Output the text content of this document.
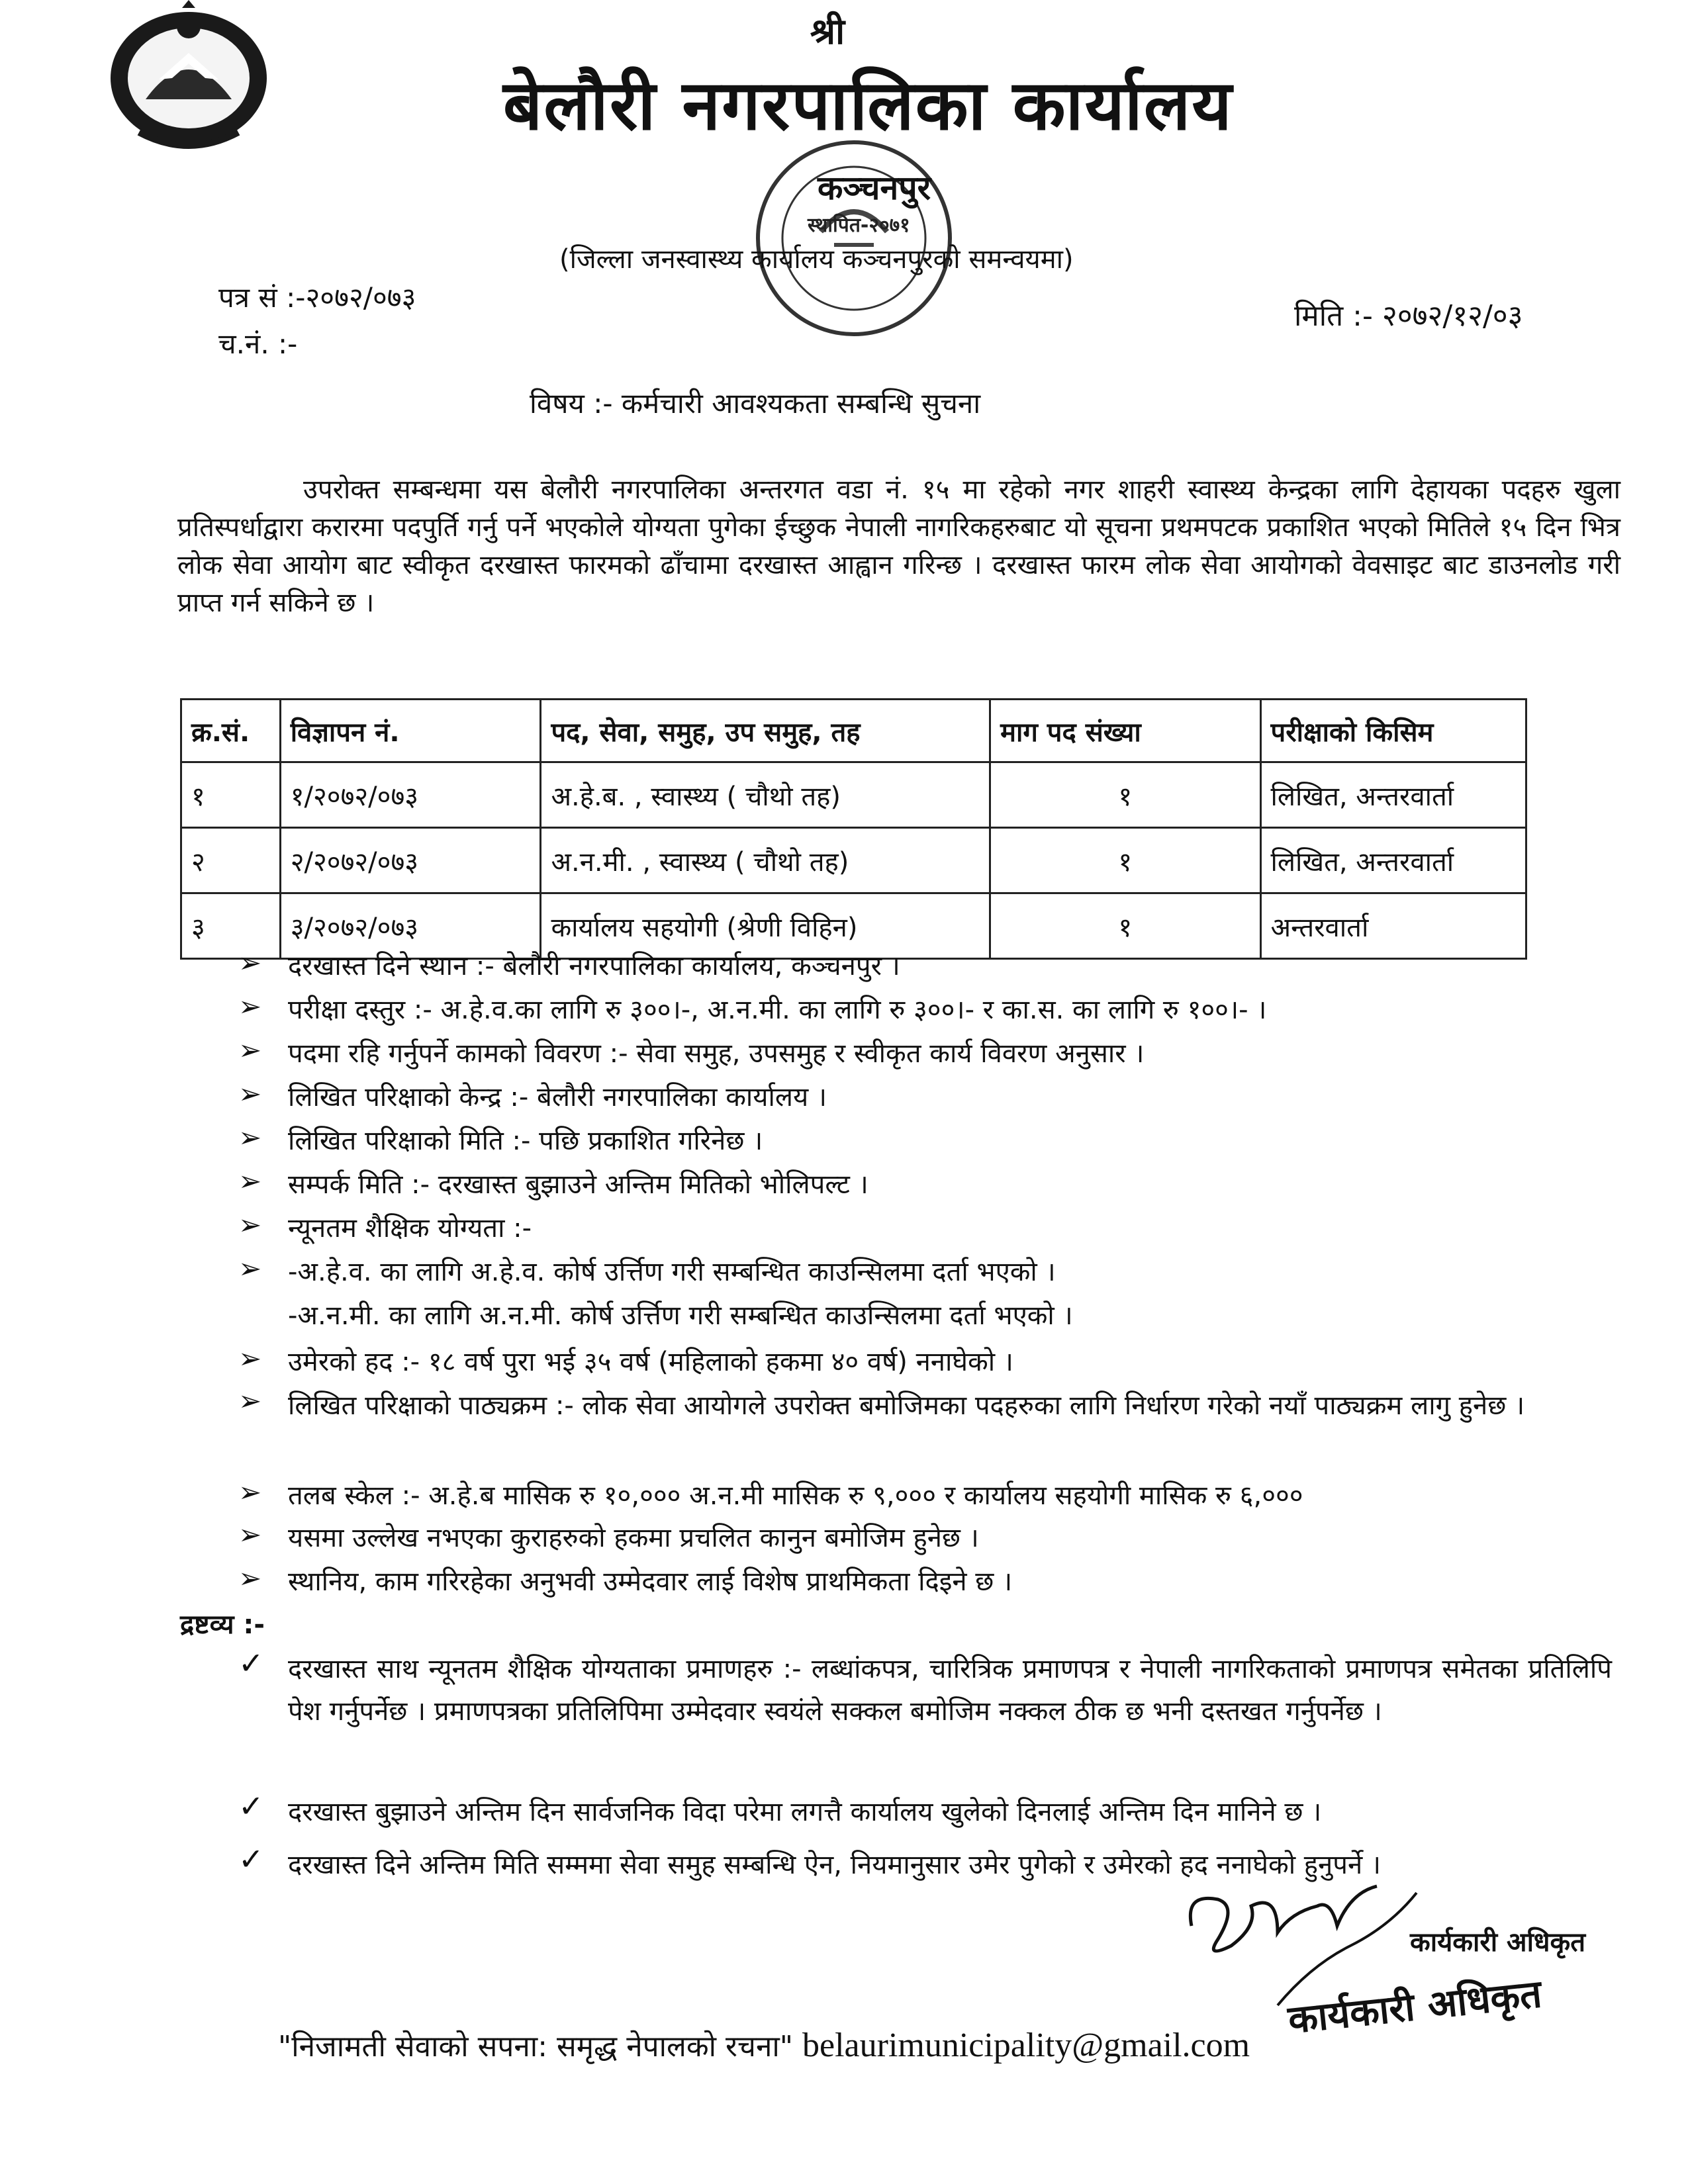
श्री
बेलौरी नगरपालिका कार्यालय
कञ्चनपुर
स्थापित-२०७१
(जिल्ला जनस्वास्थ्य कार्यालय कञ्चनपुरको समन्वयमा)
पत्र सं :-२०७२/०७३
च.नं. :-
मिति :- २०७२/१२/०३
विषय :- कर्मचारी आवश्यकता सम्बन्धि सुचना
उपरोक्त सम्बन्धमा यस बेलौरी नगरपालिका अन्तरगत वडा नं. १५ मा रहेको नगर शाहरी स्वास्थ्य केन्द्रका लागि देहायका पदहरु खुला प्रतिस्पर्धाद्वारा करारमा पदपुर्ति गर्नु पर्ने भएकोले योग्यता पुगेका ईच्छुक नेपाली नागरिकहरुबाट यो सूचना प्रथमपटक प्रकाशित भएको मितिले १५ दिन भित्र लोक सेवा आयोग बाट स्वीकृत दरखास्त फारमको ढाँचामा दरखास्त आह्वान गरिन्छ । दरखास्त फारम लोक सेवा आयोगको वेवसाइट बाट डाउनलोड गरी प्राप्त गर्न सकिने छ ।
क्र.सं.	विज्ञापन नं.	पद, सेवा, समुह, उप समुह, तह	माग पद संख्या	परीक्षाको किसिम
१	१/२०७२/०७३	अ.हे.ब. , स्वास्थ्य ( चौथो तह)	१	लिखित, अन्तरवार्ता
२	२/२०७२/०७३	अ.न.मी. , स्वास्थ्य ( चौथो तह)	१	लिखित, अन्तरवार्ता
३	३/२०७२/०७३	कार्यालय सहयोगी (श्रेणी विहिन)	१	अन्तरवार्ता
➢ दरखास्त दिने स्थान :- बेलौरी नगरपालिका कार्यालय, कञ्चनपुर ।
➢ परीक्षा दस्तुर :- अ.हे.व.का लागि रु ३००।-, अ.न.मी. का लागि रु ३००।- र का.स. का लागि रु १००।- ।
➢ पदमा रहि गर्नुपर्ने कामको विवरण :- सेवा समुह, उपसमुह र स्वीकृत कार्य विवरण अनुसार ।
➢ लिखित परिक्षाको केन्द्र :- बेलौरी नगरपालिका कार्यालय ।
➢ लिखित परिक्षाको मिति :- पछि प्रकाशित गरिनेछ ।
➢ सम्पर्क मिति :- दरखास्त बुझाउने अन्तिम मितिको भोलिपल्ट ।
➢ न्यूनतम शैक्षिक योग्यता :-
➢ -अ.हे.व. का लागि अ.हे.व. कोर्ष उर्त्तिण गरी सम्बन्धित काउन्सिलमा दर्ता भएको ।
-अ.न.मी. का लागि अ.न.मी. कोर्ष उर्त्तिण गरी सम्बन्धित काउन्सिलमा दर्ता भएको ।
➢ उमेरको हद :- १८ वर्ष पुरा भई ३५ वर्ष (महिलाको हकमा ४० वर्ष) ननाघेको ।
➢ लिखित परिक्षाको पाठ्यक्रम :- लोक सेवा आयोगले उपरोक्त बमोजिमका पदहरुका लागि निर्धारण गरेको नयाँ पाठ्यक्रम लागु हुनेछ ।
➢ तलब स्केल :- अ.हे.ब मासिक रु १०,००० अ.न.मी मासिक रु ९,००० र कार्यालय सहयोगी मासिक रु ६,०००
➢ यसमा उल्लेख नभएका कुराहरुको हकमा प्रचलित कानुन बमोजिम हुनेछ ।
➢ स्थानिय, काम गरिरहेका अनुभवी उम्मेदवार लाई विशेष प्राथमिकता दिइने छ ।
द्रष्टव्य :-
✓ दरखास्त साथ न्यूनतम शैक्षिक योग्यताका प्रमाणहरु :- लब्धांकपत्र, चारित्रिक प्रमाणपत्र र नेपाली नागरिकताको प्रमाणपत्र समेतका प्रतिलिपि पेश गर्नुपर्नेछ । प्रमाणपत्रका प्रतिलिपिमा उम्मेदवार स्वयंले सक्कल बमोजिम नक्कल ठीक छ भनी दस्तखत गर्नुपर्नेछ ।
✓ दरखास्त बुझाउने अन्तिम दिन सार्वजनिक विदा परेमा लगत्तै कार्यालय खुलेको दिनलाई अन्तिम दिन मानिने छ ।
✓ दरखास्त दिने अन्तिम मिति सम्ममा सेवा समुह सम्बन्धि ऐन, नियमानुसार उमेर पुगेको र उमेरको हद ननाघेको हुनुपर्ने ।
कार्यकारी अधिकृत
कार्यकारी अधिकृत
"निजामती सेवाको सपना: समृद्ध नेपालको रचना" belaurimunicipality@gmail.com
